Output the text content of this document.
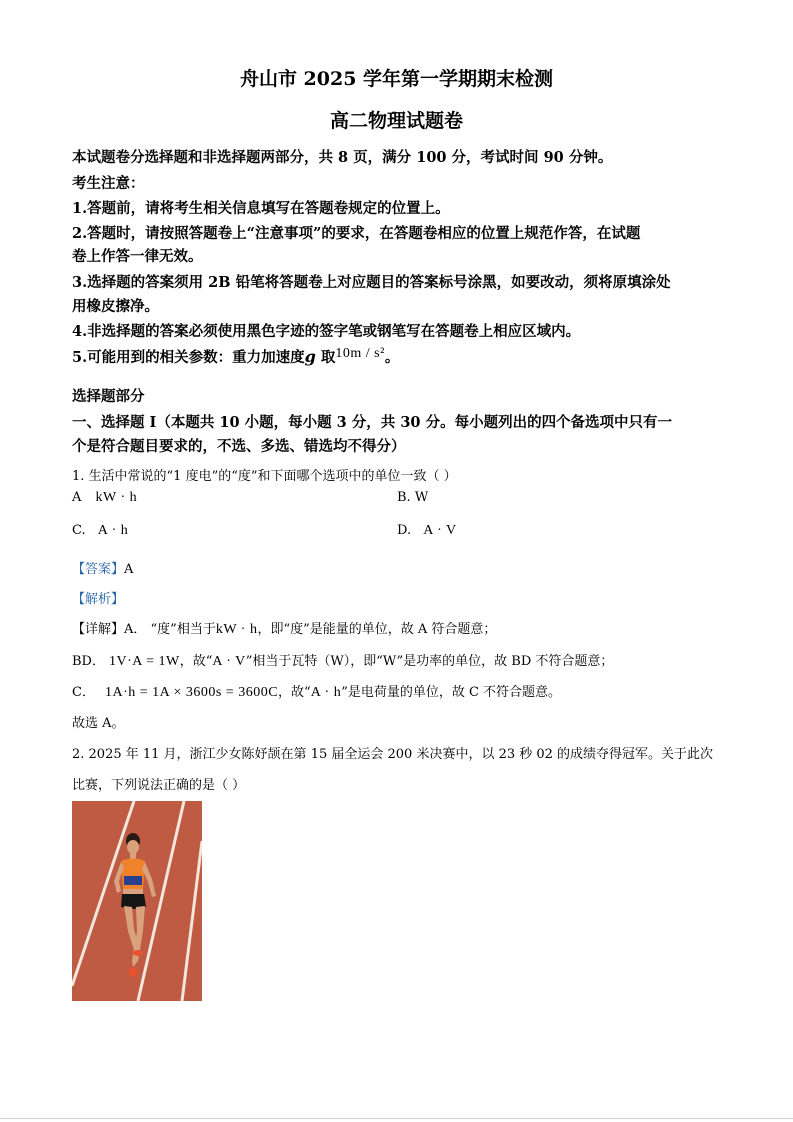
舟山市 2025 学年第一学期期末检测
高二物理试题卷
本试题卷分选择题和非选择题两部分，共 8 页，满分 100 分，考试时间 90 分钟。
考生注意：
1.答题前，请将考生相关信息填写在答题卷规定的位置上。
2.答题时，请按照答题卷上“注意事项”的要求，在答题卷相应的位置上规范作答，在试题
卷上作答一律无效。
3.选择题的答案须用 2B 铅笔将答题卷上对应题目的答案标号涂黑，如要改动，须将原填涂处
用橡皮擦净。
4.非选择题的答案必须使用黑色字迹的签字笔或钢笔写在答题卷上相应区域内。
5.可能用到的相关参数：重力加速度g 取10m / s²。
选择题部分
一、选择题 I（本题共 10 小题，每小题 3 分，共 30 分。每小题列出的四个备选项中只有一
个是符合题目要求的，不选、多选、错选均不得分）
1. 生活中常说的“1 度电”的“度”和下面哪个选项中的单位一致（ ）
A kW · h	B. W
C. A · h	D. A · V
【答案】A
【解析】
【详解】A． “度”相当于kW · h，即“度”是能量的单位，故 A 符合题意；
BD． 1V·A = 1W，故“A · V”相当于瓦特（W），即“W”是功率的单位，故 BD 不符合题意；
C． 1A·h = 1A × 3600s = 3600C，故“A · h”是电荷量的单位，故 C 不符合题意。
故选 A。
2. 2025 年 11 月，浙江少女陈妤颉在第 15 届全运会 200 米决赛中，以 23 秒 02 的成绩夺得冠军。关于此次
比赛，下列说法正确的是（ ）
